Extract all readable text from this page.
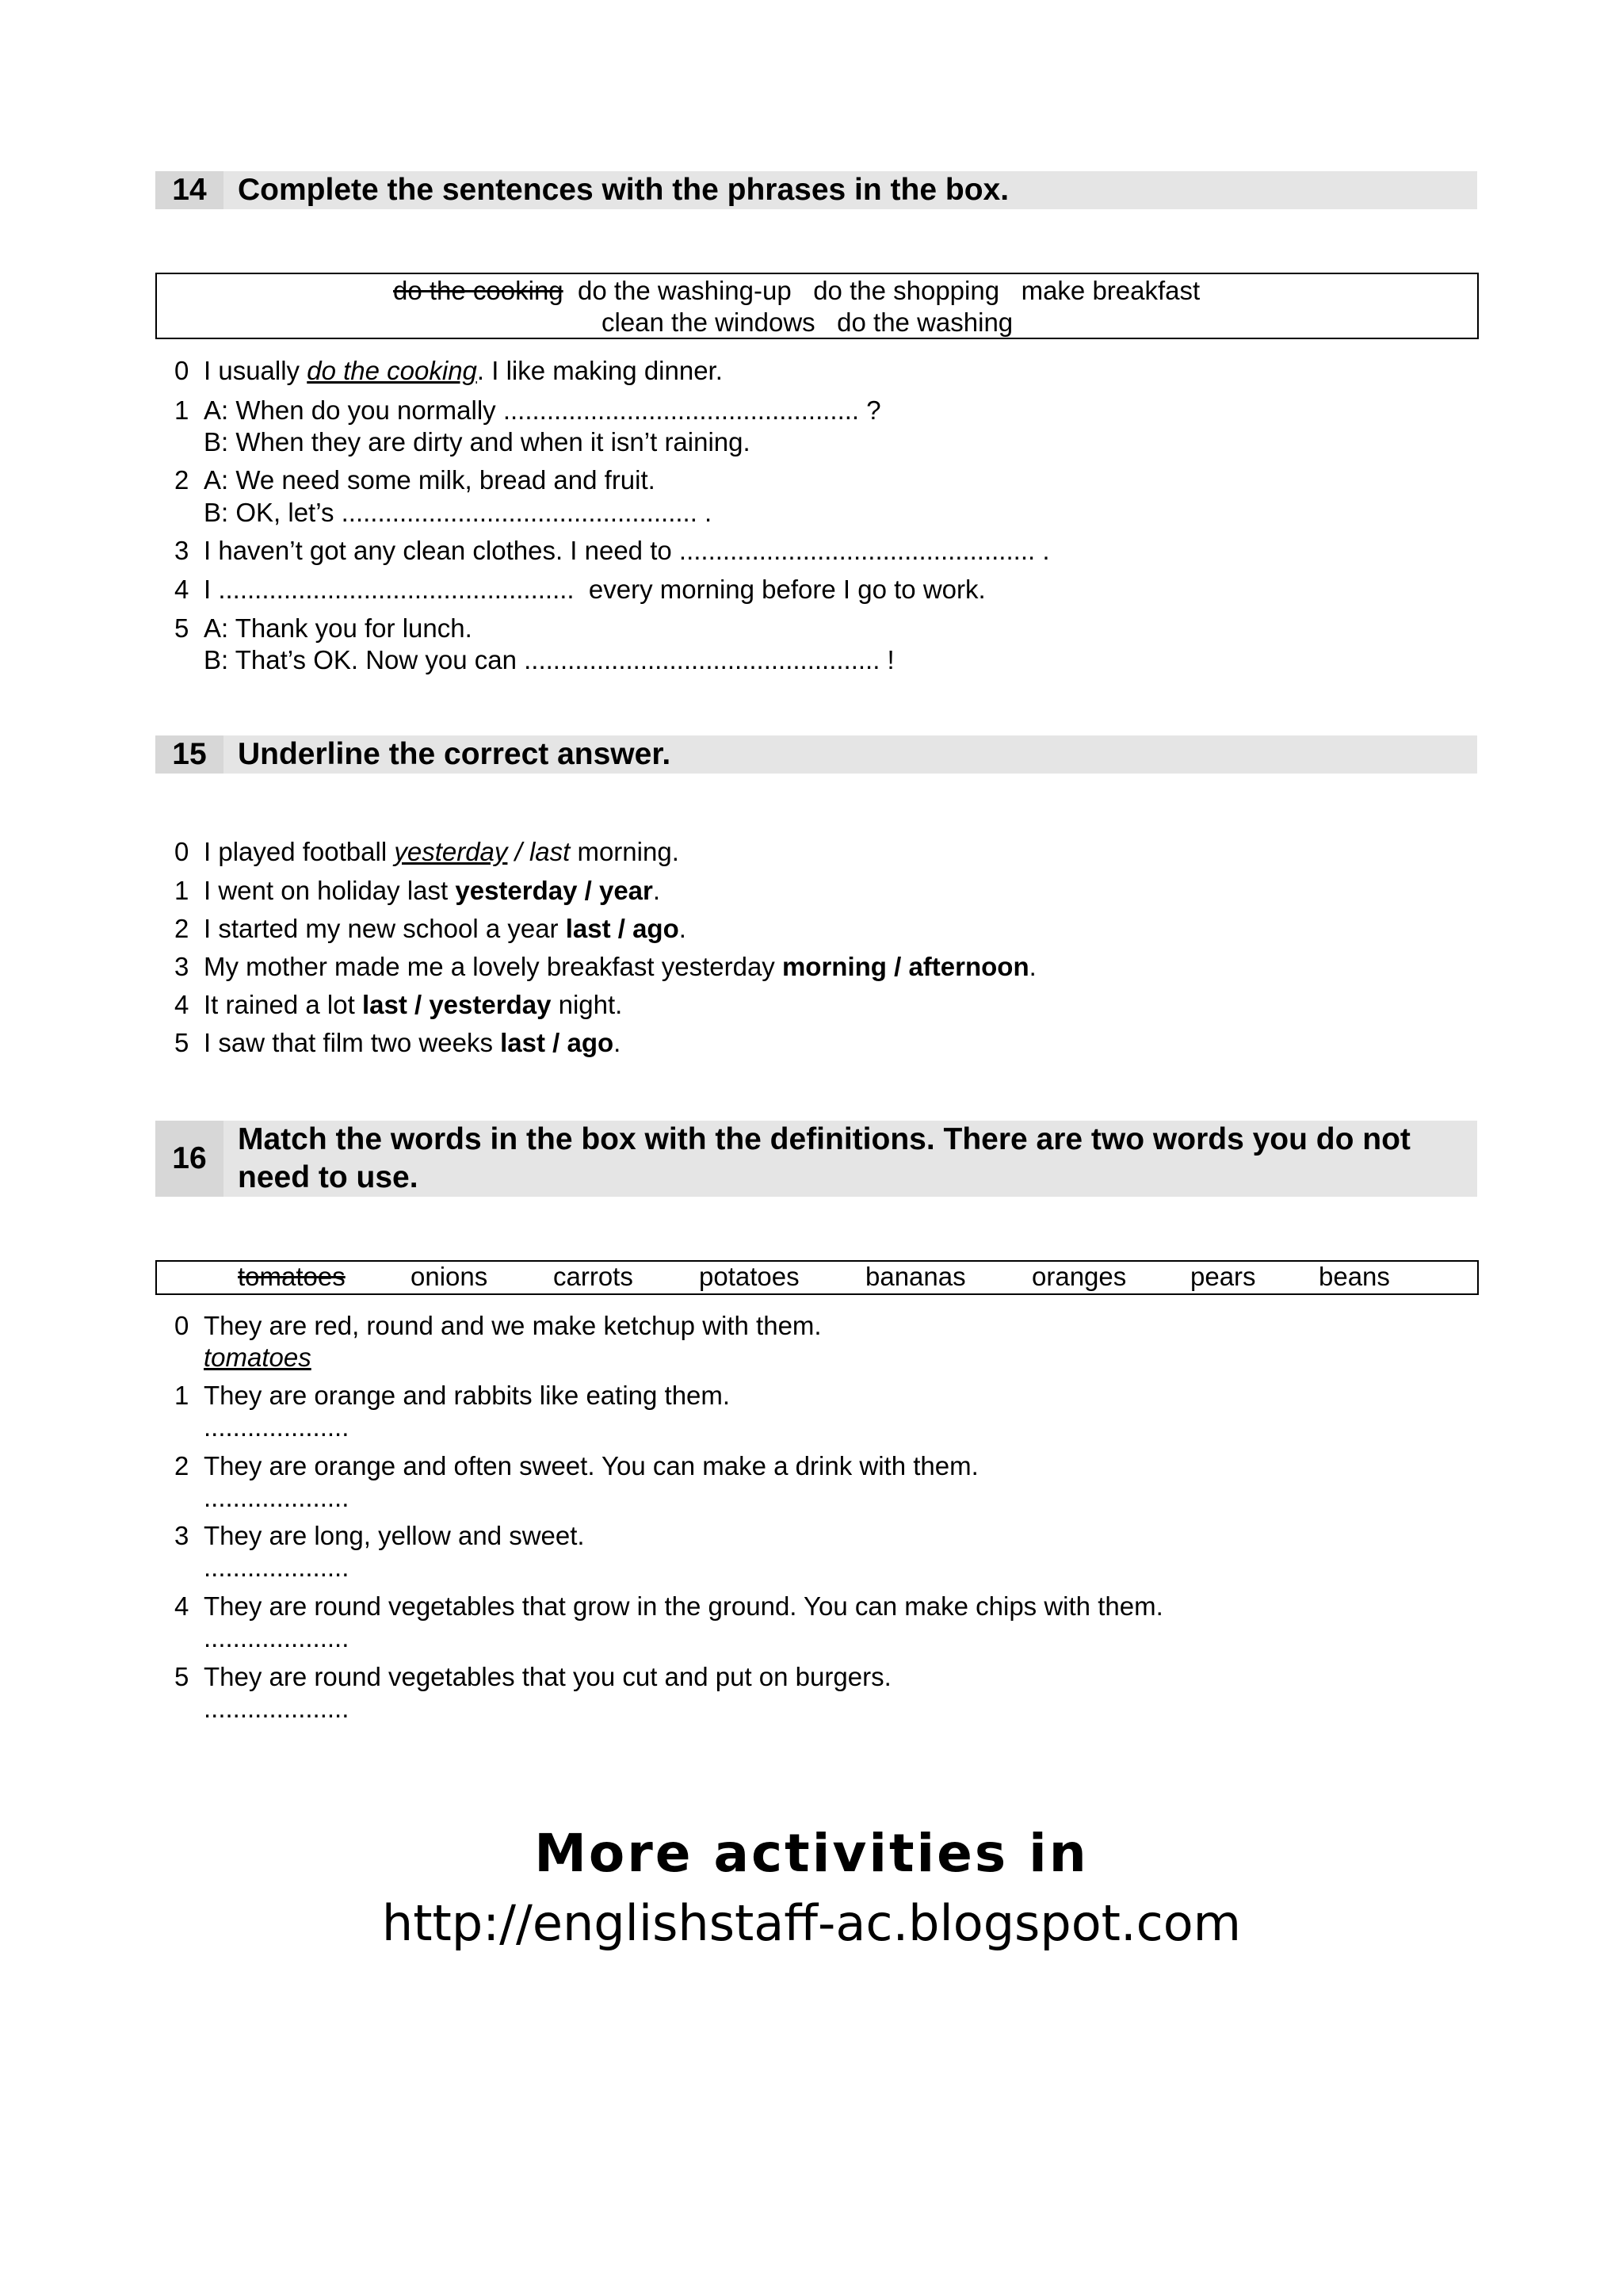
14	Complete the sentences with the phrases in the box.
do the cooking do the washing-up   do the shopping   make breakfast
clean the windows   do the washing
0 I usually do the cooking. I like making dinner.
1 A: When do you normally ................................................. ?
B: When they are dirty and when it isn’t raining.
2 A: We need some milk, bread and fruit.
B: OK, let’s ................................................. .
3 I haven’t got any clean clothes. I need to ................................................. .
4 I .................................................  every morning before I go to work.
5 A: Thank you for lunch.
B: That’s OK. Now you can ................................................. !
15	Underline the correct answer.
0 I played football yesterday / last morning.
1 I went on holiday last yesterday / year.
2 I started my new school a year last / ago.
3 My mother made me a lovely breakfast yesterday morning / afternoon.
4 It rained a lot last / yesterday night.
5 I saw that film two weeks last / ago.
16
Match the words in the box with the definitions. There are two words you do not need to use.
tomatoes onions	carrots	potatoes	bananas	oranges pears beans
0 They are red, round and we make ketchup with them.
tomatoes
1 They are orange and rabbits like eating them.
....................
2 They are orange and often sweet. You can make a drink with them.
....................
3 They are long, yellow and sweet.
....................
4 They are round vegetables that grow in the ground. You can make chips with them.
....................
5 They are round vegetables that you cut and put on burgers.
....................
More activities in
http://englishstaff-ac.blogspot.com
